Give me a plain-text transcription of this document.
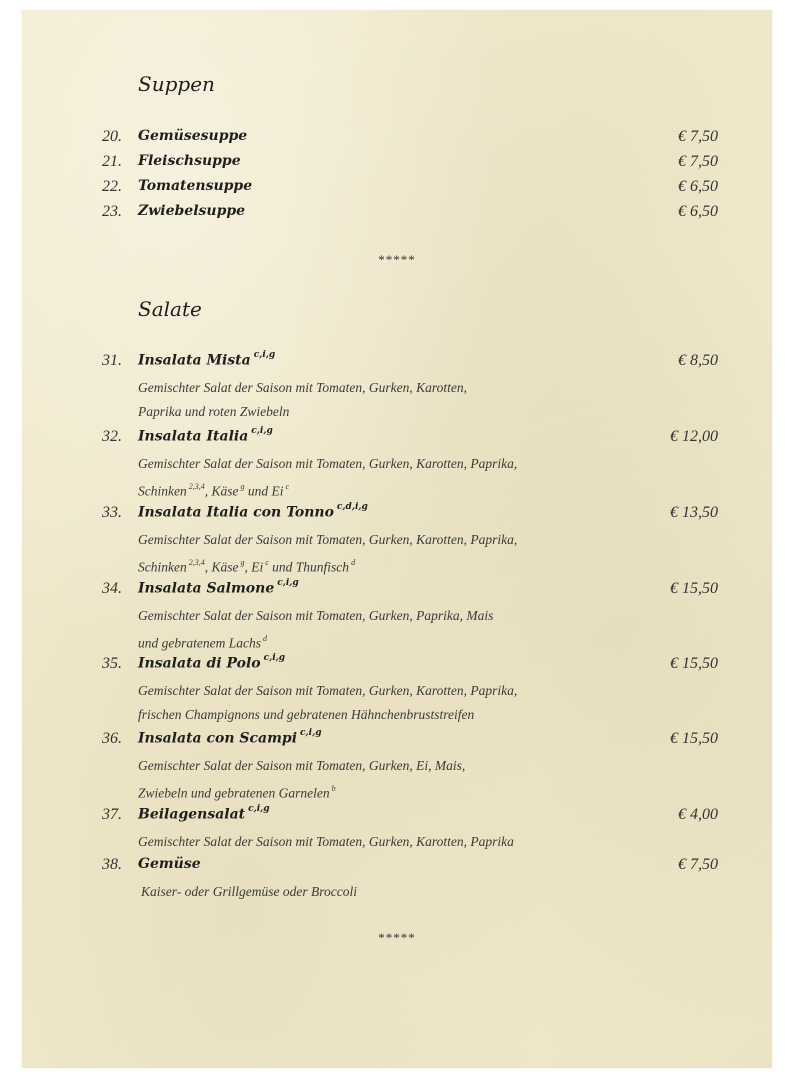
Suppen
20.	Gemüsesuppe	€ 7,50
21.	Fleischsuppe	€ 7,50
22.	Tomatensuppe	€ 6,50
23.	Zwiebelsuppe	€ 6,50
*****
Salate
31.	Insalata Mista $^{c,i,g}$	€ 8,50
Gemischter Salat der Saison mit Tomaten, Gurken, Karotten,
Paprika und roten Zwiebeln
32.	Insalata Italia $^{c,i,g}$	€ 12,00
Gemischter Salat der Saison mit Tomaten, Gurken, Karotten, Paprika,
Schinken $^{2,3,4}$, Käse $^g$ und Ei $^c$
33.	Insalata Italia con Tonno $^{c,d,i,g}$	€ 13,50
Gemischter Salat der Saison mit Tomaten, Gurken, Karotten, Paprika,
Schinken $^{2,3,4}$, Käse $^g$, Ei $^c$ und Thunfisch $^d$
34.	Insalata Salmone $^{c,i,g}$	€ 15,50
Gemischter Salat der Saison mit Tomaten, Gurken, Paprika, Mais
und gebratenem Lachs $^d$
35.	Insalata di Polo $^{c,i,g}$	€ 15,50
Gemischter Salat der Saison mit Tomaten, Gurken, Karotten, Paprika,
frischen Champignons und gebratenen Hähnchenbruststreifen
36.	Insalata con Scampi $^{c,i,g}$	€ 15,50
Gemischter Salat der Saison mit Tomaten, Gurken, Ei, Mais,
Zwiebeln und gebratenen Garnelen $^b$
37.	Beilagensalat $^{c,i,g}$	€ 4,00
Gemischter Salat der Saison mit Tomaten, Gurken, Karotten, Paprika
38.	Gemüse	€ 7,50
Kaiser- oder Grillgemüse oder Broccoli
*****
